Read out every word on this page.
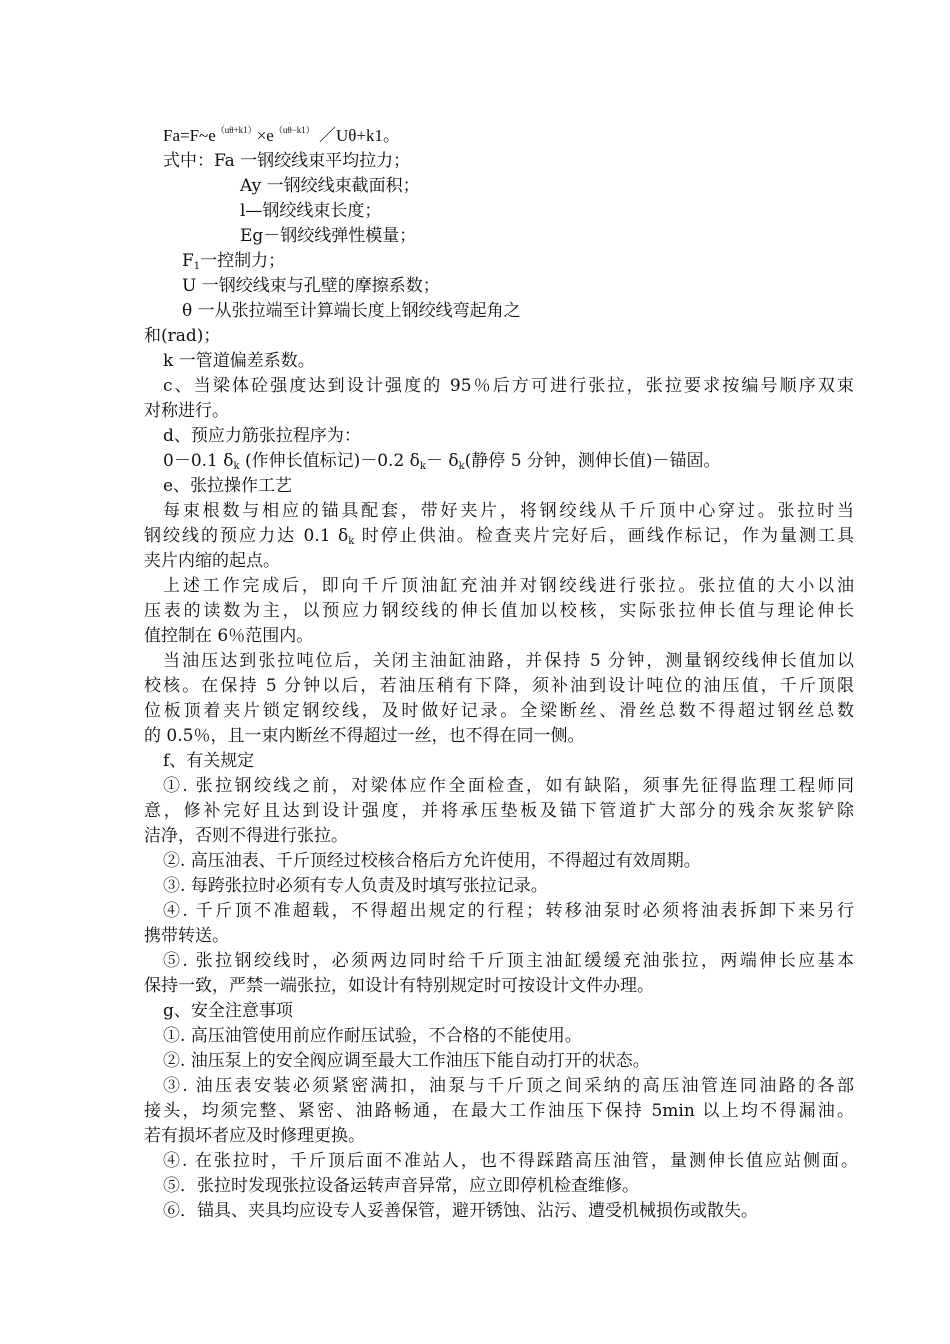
$Fa=F\sim e^{(u\theta+k1)}\times e^{(u\theta-k1)}$ ／Uθ+k1。
式中：Fa 一钢绞线束平均拉力；
Ay 一钢绞线束截面积；
l—钢绞线束长度；
Eg－钢绞线弹性模量；
$F_1$一控制力；
U 一钢绞线束与孔壁的摩擦系数；
θ 一从张拉端至计算端长度上钢绞线弯起角之
和(rad)；
k 一管道偏差系数。
c、当梁体砼强度达到设计强度的 95％后方可进行张拉，张拉要求按编号顺序双束
对称进行。
d、预应力筋张拉程序为：
0－0.1 $\delta_k$ (作伸长值标记)－0.2 $\delta_k- \delta_k$(静停 5 分钟，测伸长值)－锚固。
e、张拉操作工艺
每束根数与相应的锚具配套，带好夹片，将钢绞线从千斤顶中心穿过。张拉时当
钢绞线的预应力达 0.1 $\delta_k$ 时停止供油。检查夹片完好后，画线作标记，作为量测工具
夹片内缩的起点。
上述工作完成后，即向千斤顶油缸充油并对钢绞线进行张拉。张拉值的大小以油
压表的读数为主，以预应力钢绞线的伸长值加以校核，实际张拉伸长值与理论伸长
值控制在 6％范围内。
当油压达到张拉吨位后，关闭主油缸油路，并保持 5 分钟，测量钢绞线伸长值加以
校核。在保持 5 分钟以后，若油压稍有下降，须补油到设计吨位的油压值，千斤顶限
位板顶着夹片锁定钢绞线，及时做好记录。全梁断丝、滑丝总数不得超过钢丝总数
的 0.5％，且一束内断丝不得超过一丝，也不得在同一侧。
f、有关规定
①. 张拉钢绞线之前，对梁体应作全面检查，如有缺陷，须事先征得监理工程师同
意，修补完好且达到设计强度，并将承压垫板及锚下管道扩大部分的残余灰浆铲除
洁净，否则不得进行张拉。
②. 高压油表、千斤顶经过校核合格后方允许使用，不得超过有效周期。
③. 每跨张拉时必须有专人负责及时填写张拉记录。
④. 千斤顶不准超载，不得超出规定的行程；转移油泵时必须将油表拆卸下来另行
携带转送。
⑤. 张拉钢绞线时，必须两边同时给千斤顶主油缸缓缓充油张拉，两端伸长应基本
保持一致，严禁一端张拉，如设计有特别规定时可按设计文件办理。
g、安全注意事项
①. 高压油管使用前应作耐压试验，不合格的不能使用。
②. 油压泵上的安全阀应调至最大工作油压下能自动打开的状态。
③. 油压表安装必须紧密满扣，油泵与千斤顶之间采纳的高压油管连同油路的各部
接头，均须完整、紧密、油路畅通，在最大工作油压下保持 5min 以上均不得漏油。
若有损坏者应及时修理更换。
④. 在张拉时，千斤顶后面不准站人，也不得踩踏高压油管，量测伸长值应站侧面。
⑤．张拉时发现张拉设备运转声音异常，应立即停机检查维修。
⑥．锚具、夹具均应设专人妥善保管，避开锈蚀、沾污、遭受机械损伤或散失。
